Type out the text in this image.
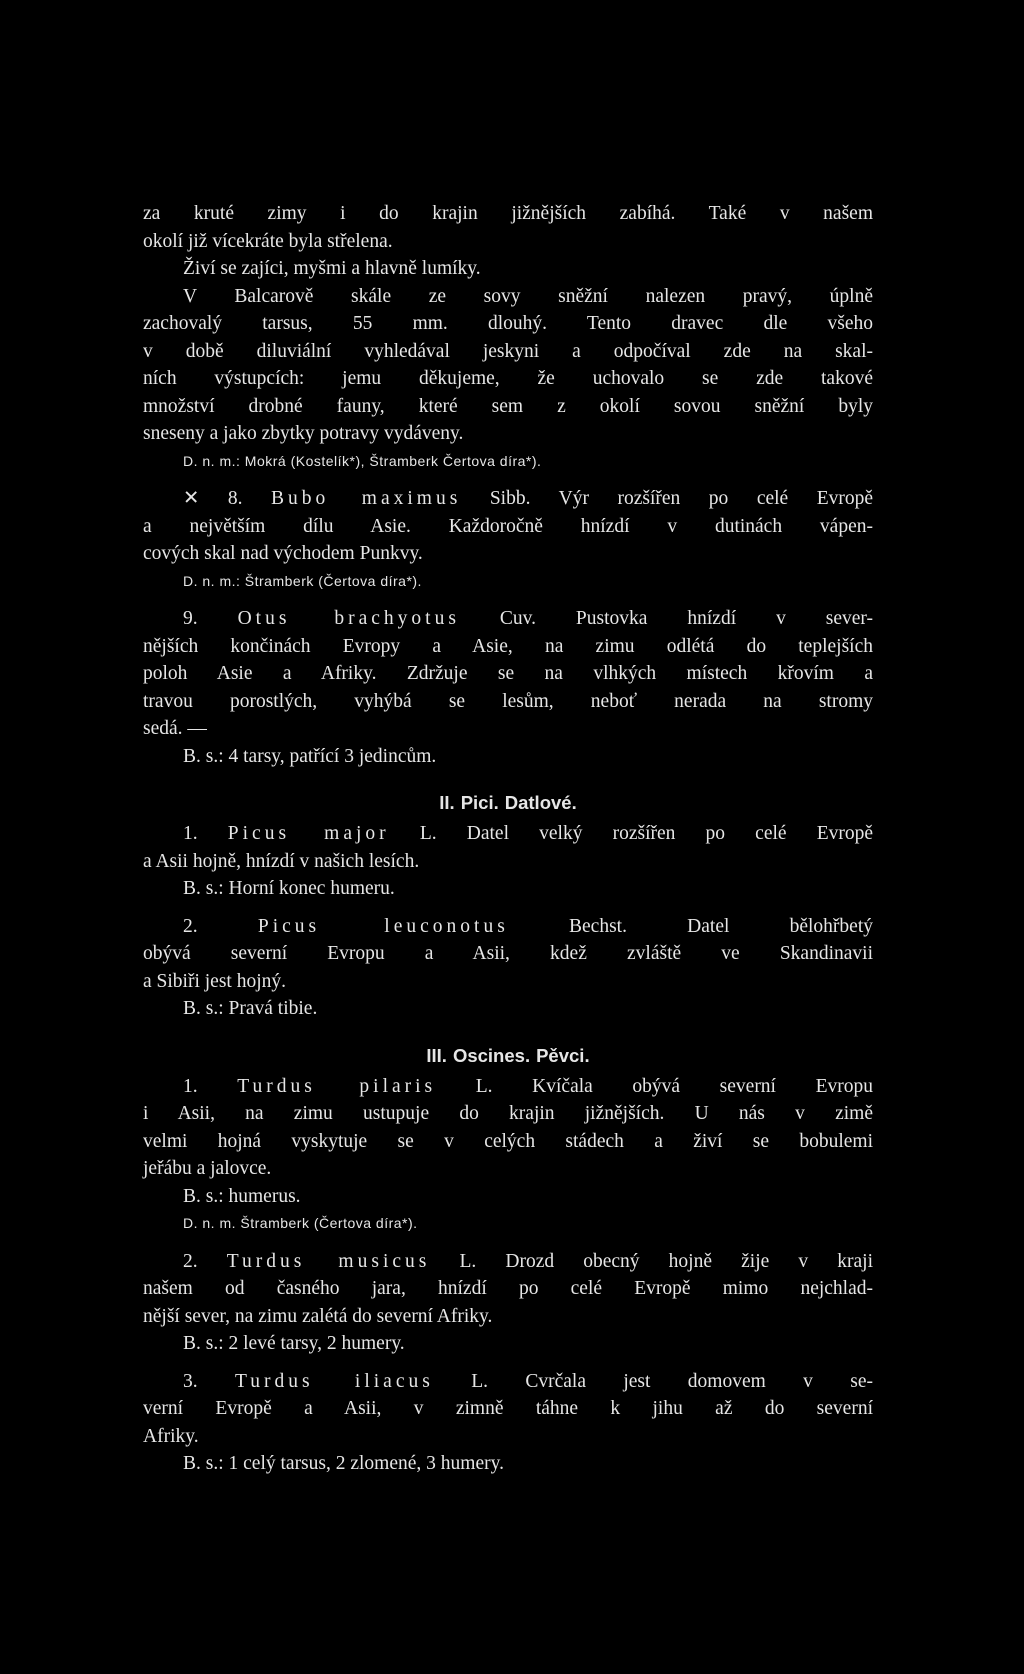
za kruté zimy i do krajin jižnějších zabíhá. Také v našem
okolí již vícekráte byla střelena.
Živí se zajíci, myšmi a hlavně lumíky.
V Balcarově skále ze sovy sněžní nalezen pravý, úplně
zachovalý tarsus, 55 mm. dlouhý. Tento dravec dle všeho
v době diluviální vyhledával jeskyni a odpočíval zde na skal-
ních výstupcích: jemu děkujeme, že uchovalo se zde takové
množství drobné fauny, které sem z okolí sovou sněžní byly
sneseny a jako zbytky potravy vydáveny.
D. n. m.: Mokrá (Kostelík*), Štramberk Čertova díra*).
✕ 8. Bubo maximus Sibb. Výr rozšířen po celé Evropě
a největším dílu Asie. Každoročně hnízdí v dutinách vápen-
cových skal nad východem Punkvy.
D. n. m.: Štramberk (Čertova díra*).
9. Otus brachyotus Cuv. Pustovka hnízdí v sever-
nějších končinách Evropy a Asie, na zimu odlétá do teplejších
poloh Asie a Afriky. Zdržuje se na vlhkých místech křovím a
travou porostlých, vyhýbá se lesům, neboť nerada na stromy
sedá. —
B. s.: 4 tarsy, patřící 3 jedincům.
II. Pici. Datlové.
1. Picus major L. Datel velký rozšířen po celé Evropě
a Asii hojně, hnízdí v našich lesích.
B. s.: Horní konec humeru.
2.	Picus leuconotus	Bechst. Datel bělohřbetý
obývá severní Evropu a Asii, kdež zvláště ve Skandinavii
a Sibiři jest hojný.
B. s.: Pravá tibie.
III. Oscines. Pěvci.
1. Turdus pilaris L. Kvíčala obývá severní Evropu
i Asii, na zimu ustupuje do krajin jižnějších. U nás v zimě
velmi hojná vyskytuje se v celých stádech a živí se bobulemi
jeřábu a jalovce.
B. s.: humerus.
D. n. m. Štramberk (Čertova díra*).
2. Turdus musicus L. Drozd obecný hojně žije v kraji
našem od časného jara, hnízdí po celé Evropě mimo nejchlad-
nější sever, na zimu zalétá do severní Afriky.
B. s.: 2 levé tarsy, 2 humery.
3. Turdus iliacus L. Cvrčala jest domovem v se-
verní Evropě a Asii, v zimně táhne k jihu až do severní
Afriky.
B. s.: 1 celý tarsus, 2 zlomené, 3 humery.
